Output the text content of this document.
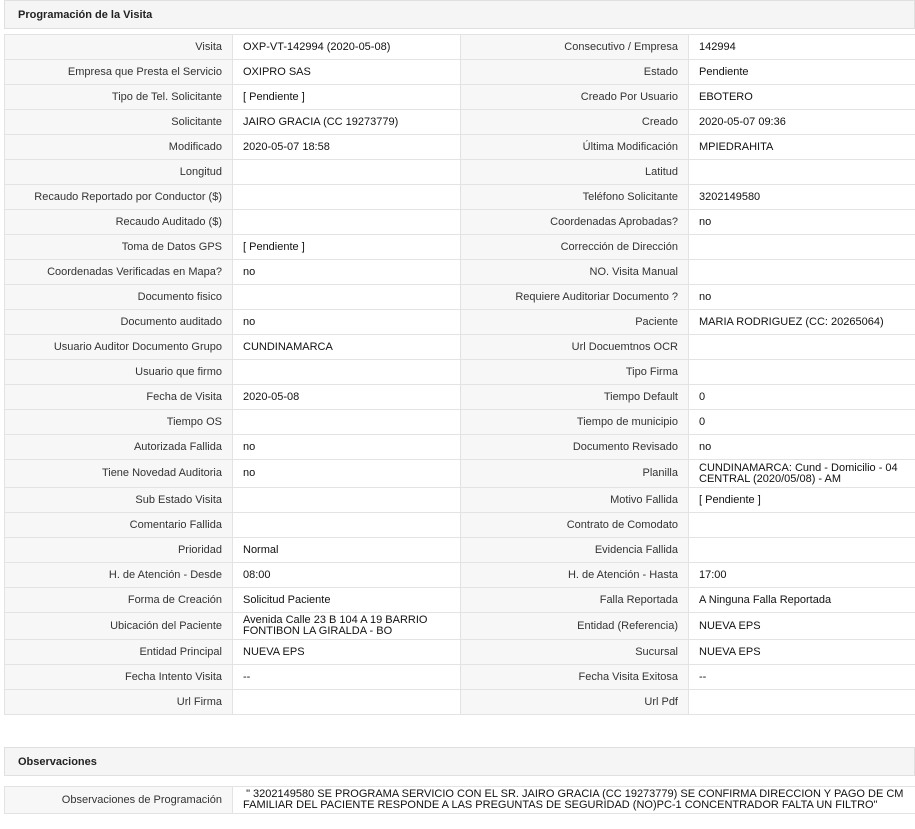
Programación de la Visita
Visita	OXP-VT-142994 (2020-05-08)	Consecutivo / Empresa	142994
Empresa que Presta el Servicio	OXIPRO SAS	Estado	Pendiente
Tipo de Tel. Solicitante	[ Pendiente ]	Creado Por Usuario	EBOTERO
Solicitante	JAIRO GRACIA (CC 19273779)	Creado	2020-05-07 09:36
Modificado	2020-05-07 18:58	Última Modificación	MPIEDRAHITA
Longitud		Latitud	
Recaudo Reportado por Conductor ($)		Teléfono Solicitante	3202149580
Recaudo Auditado ($)		Coordenadas Aprobadas?	no
Toma de Datos GPS	[ Pendiente ]	Corrección de Dirección	
Coordenadas Verificadas en Mapa?	no	NO. Visita Manual	
Documento fisico		Requiere Auditoriar Documento ?	no
Documento auditado	no	Paciente	MARIA RODRIGUEZ (CC: 20265064)
Usuario Auditor Documento Grupo	CUNDINAMARCA	Url Docuemtnos OCR	
Usuario que firmo		Tipo Firma	
Fecha de Visita	2020-05-08	Tiempo Default	0
Tiempo OS		Tiempo de municipio	0
Autorizada Fallida	no	Documento Revisado	no
Tiene Novedad Auditoria	no	Planilla	CUNDINAMARCA: Cund - Domicilio - 04 CENTRAL (2020/05/08) - AM
Sub Estado Visita		Motivo Fallida	[ Pendiente ]
Comentario Fallida		Contrato de Comodato	
Prioridad	Normal	Evidencia Fallida	
H. de Atención - Desde	08:00	H. de Atención - Hasta	17:00
Forma de Creación	Solicitud Paciente	Falla Reportada	A Ninguna Falla Reportada
Ubicación del Paciente	Avenida Calle 23 B 104 A 19 BARRIO FONTIBON LA GIRALDA - BO	Entidad (Referencia)	NUEVA EPS
Entidad Principal	NUEVA EPS	Sucursal	NUEVA EPS
Fecha Intento Visita	--	Fecha Visita Exitosa	--
Url Firma		Url Pdf	
Observaciones
Observaciones de Programación	" 3202149580 SE PROGRAMA SERVICIO CON EL SR. JAIRO GRACIA (CC 19273779) SE CONFIRMA DIRECCION Y PAGO DE CM
FAMILIAR DEL PACIENTE RESPONDE A LAS PREGUNTAS DE SEGURIDAD (NO)PC-1 CONCENTRADOR FALTA UN FILTRO"
